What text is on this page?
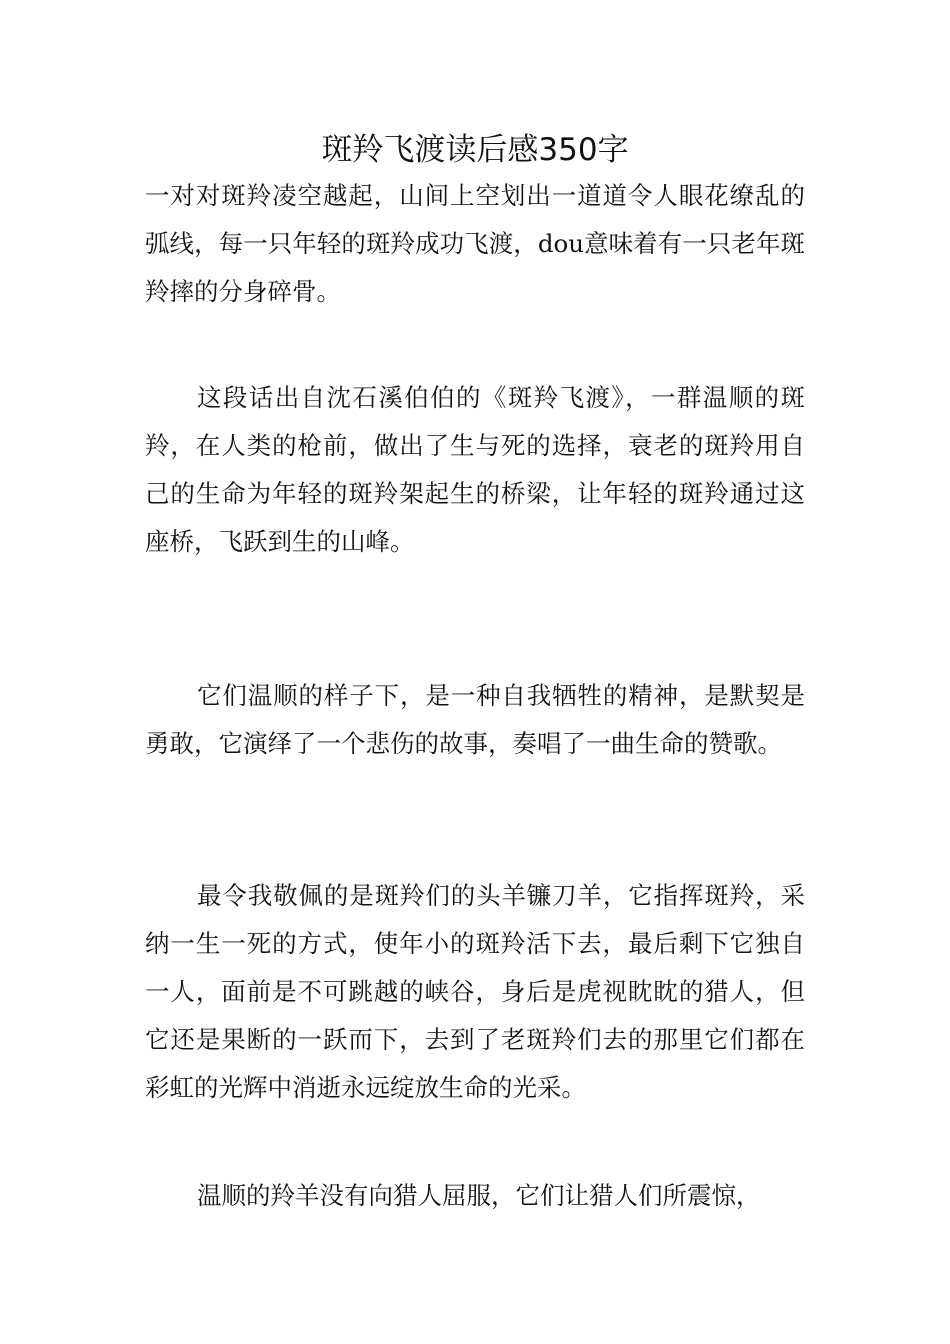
斑羚飞渡读后感350字

一对对斑羚凌空越起，山间上空划出一道道令人眼花缭乱的弧线，每一只年轻的斑羚成功飞渡，dou意味着有一只老年斑羚摔的分身碎骨。

这段话出自沈石溪伯伯的《斑羚飞渡》，一群温顺的斑羚，在人类的枪前，做出了生与死的选择，衰老的斑羚用自己的生命为年轻的斑羚架起生的桥梁，让年轻的斑羚通过这座桥，飞跃到生的山峰。

它们温顺的样子下，是一种自我牺牲的精神，是默契是勇敢，它演绎了一个悲伤的故事，奏唱了一曲生命的赞歌。

最令我敬佩的是斑羚们的头羊镰刀羊，它指挥斑羚，采纳一生一死的方式，使年小的斑羚活下去，最后剩下它独自一人，面前是不可跳越的峡谷，身后是虎视眈眈的猎人，但它还是果断的一跃而下，去到了老斑羚们去的那里它们都在彩虹的光辉中消逝永远绽放生命的光采。

温顺的羚羊没有向猎人屈服，它们让猎人们所震惊，
